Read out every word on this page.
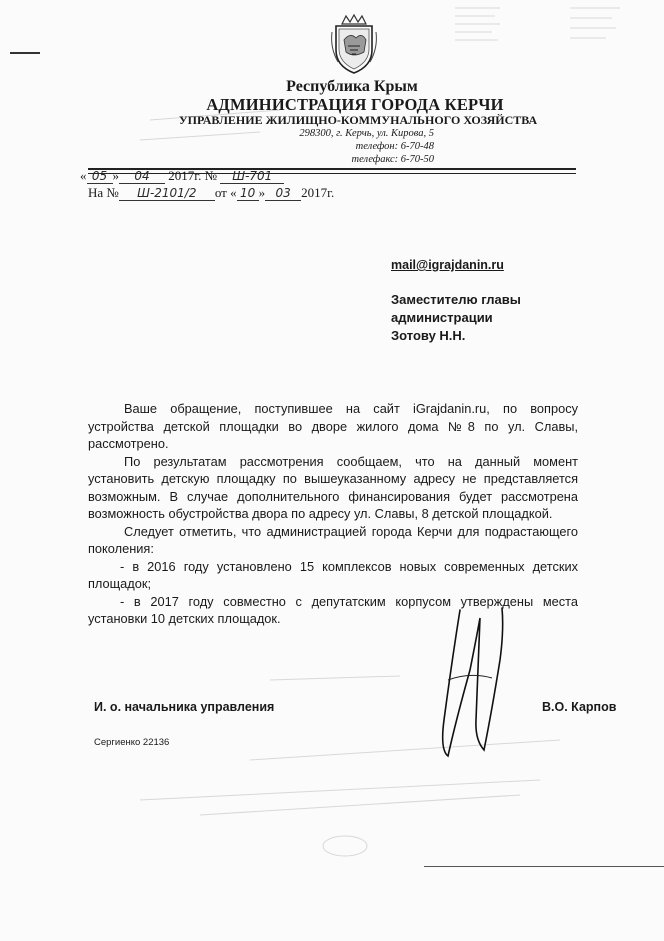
Республика Крым
АДМИНИСТРАЦИЯ ГОРОДА КЕРЧИ
УПРАВЛЕНИЕ ЖИЛИЩНО-КОММУНАЛЬНОГО ХОЗЯЙСТВА
298300, г. Керчь, ул. Кирова, 5
телефон: 6-70-48
телефакс: 6-70-50
« 05 » 04 2017г. № Ш-701
На № Ш-2101/2 от « 10 » 03 2017г.
mail@igrajdanin.ru
Заместителю главы
администрации
Зотову Н.Н.

Ваше обращение, поступившее на сайт iGrajdanin.ru, по вопросу устройства детской площадки во дворе жилого дома №8 по ул. Славы, рассмотрено.

По результатам рассмотрения сообщаем, что на данный момент установить детскую площадку по вышеуказанному адресу не представляется возможным. В случае дополнительного финансирования будет рассмотрена возможность обустройства двора по адресу ул. Славы, 8 детской площадкой.

Следует отметить, что администрацией города Керчи для подрастающего поколения:

- в 2016 году установлено 15 комплексов новых современных детских площадок;

- в 2017 году совместно с депутатским корпусом утверждены места установки 10 детских площадок.

И. о. начальника управления	В.О. Карпов
Сергиенко 22136
